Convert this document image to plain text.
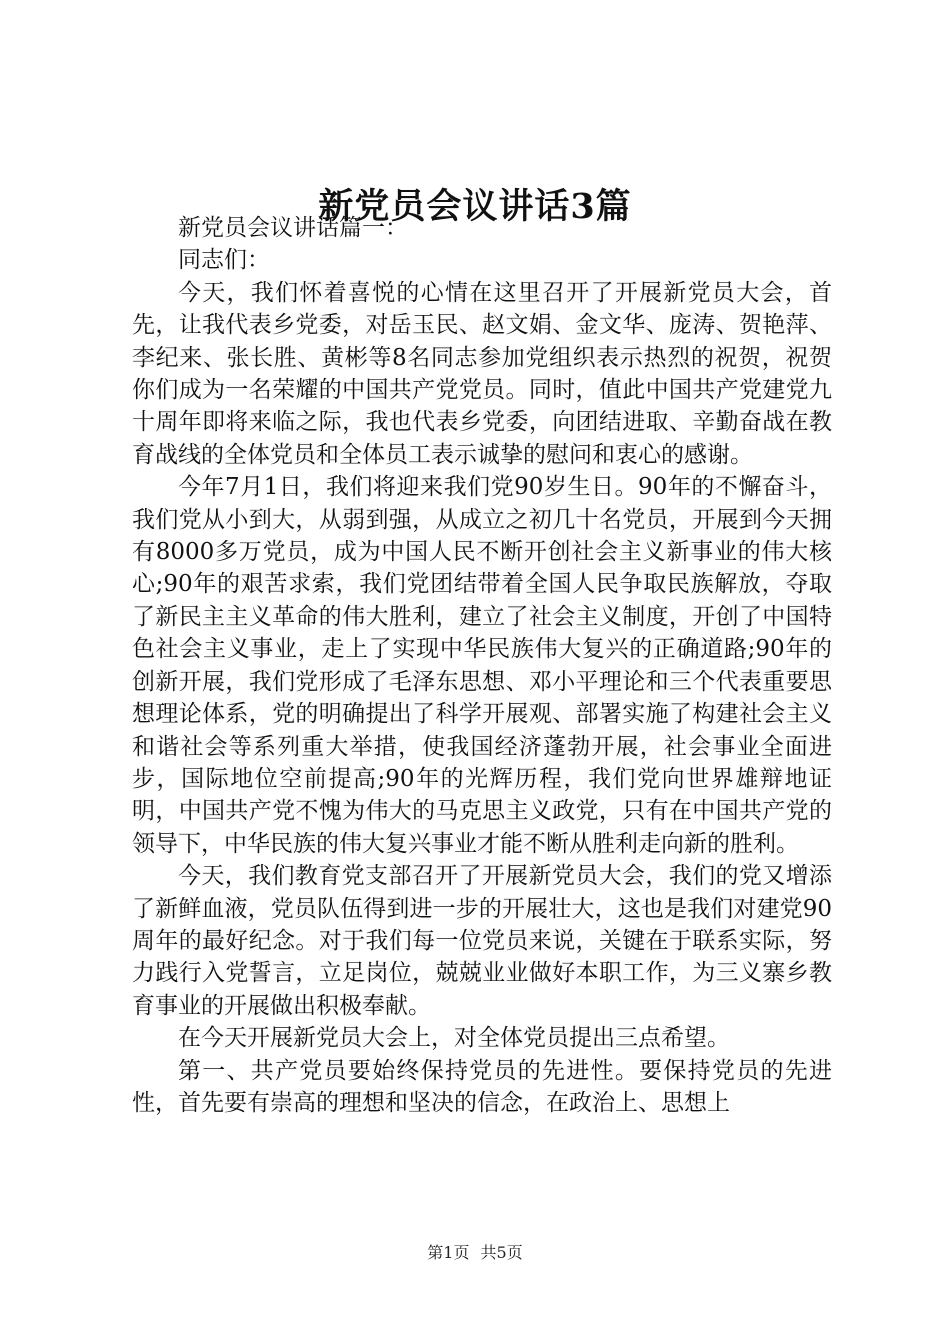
新党员会议讲话3篇

新党员会议讲话篇一：

同志们：

今天，我们怀着喜悦的心情在这里召开了开展新党员大会，首先，让我代表乡党委，对岳玉民、赵文娟、金文华、庞涛、贺艳萍、李纪来、张长胜、黄彬等8名同志参加党组织表示热烈的祝贺，祝贺你们成为一名荣耀的中国共产党党员。同时，值此中国共产党建党九十周年即将来临之际，我也代表乡党委，向团结进取、辛勤奋战在教育战线的全体党员和全体员工表示诚挚的慰问和衷心的感谢。

今年7月1日，我们将迎来我们党90岁生日。90年的不懈奋斗，我们党从小到大，从弱到强，从成立之初几十名党员，开展到今天拥有8000多万党员，成为中国人民不断开创社会主义新事业的伟大核心;90年的艰苦求索，我们党团结带着全国人民争取民族解放，夺取了新民主主义革命的伟大胜利，建立了社会主义制度，开创了中国特色社会主义事业，走上了实现中华民族伟大复兴的正确道路;90年的创新开展，我们党形成了毛泽东思想、邓小平理论和三个代表重要思想理论体系，党的明确提出了科学开展观、部署实施了构建社会主义和谐社会等系列重大举措，使我国经济蓬勃开展，社会事业全面进步，国际地位空前提高;90年的光辉历程，我们党向世界雄辩地证明，中国共产党不愧为伟大的马克思主义政党，只有在中国共产党的领导下，中华民族的伟大复兴事业才能不断从胜利走向新的胜利。

今天，我们教育党支部召开了开展新党员大会，我们的党又增添了新鲜血液，党员队伍得到进一步的开展壮大，这也是我们对建党90周年的最好纪念。对于我们每一位党员来说，关键在于联系实际，努力践行入党誓言，立足岗位，兢兢业业做好本职工作，为三义寨乡教育事业的开展做出积极奉献。

在今天开展新党员大会上，对全体党员提出三点希望。

第一、共产党员要始终保持党员的先进性。要保持党员的先进性，首先要有崇高的理想和坚决的信念，在政治上、思想上

第1页 共5页
